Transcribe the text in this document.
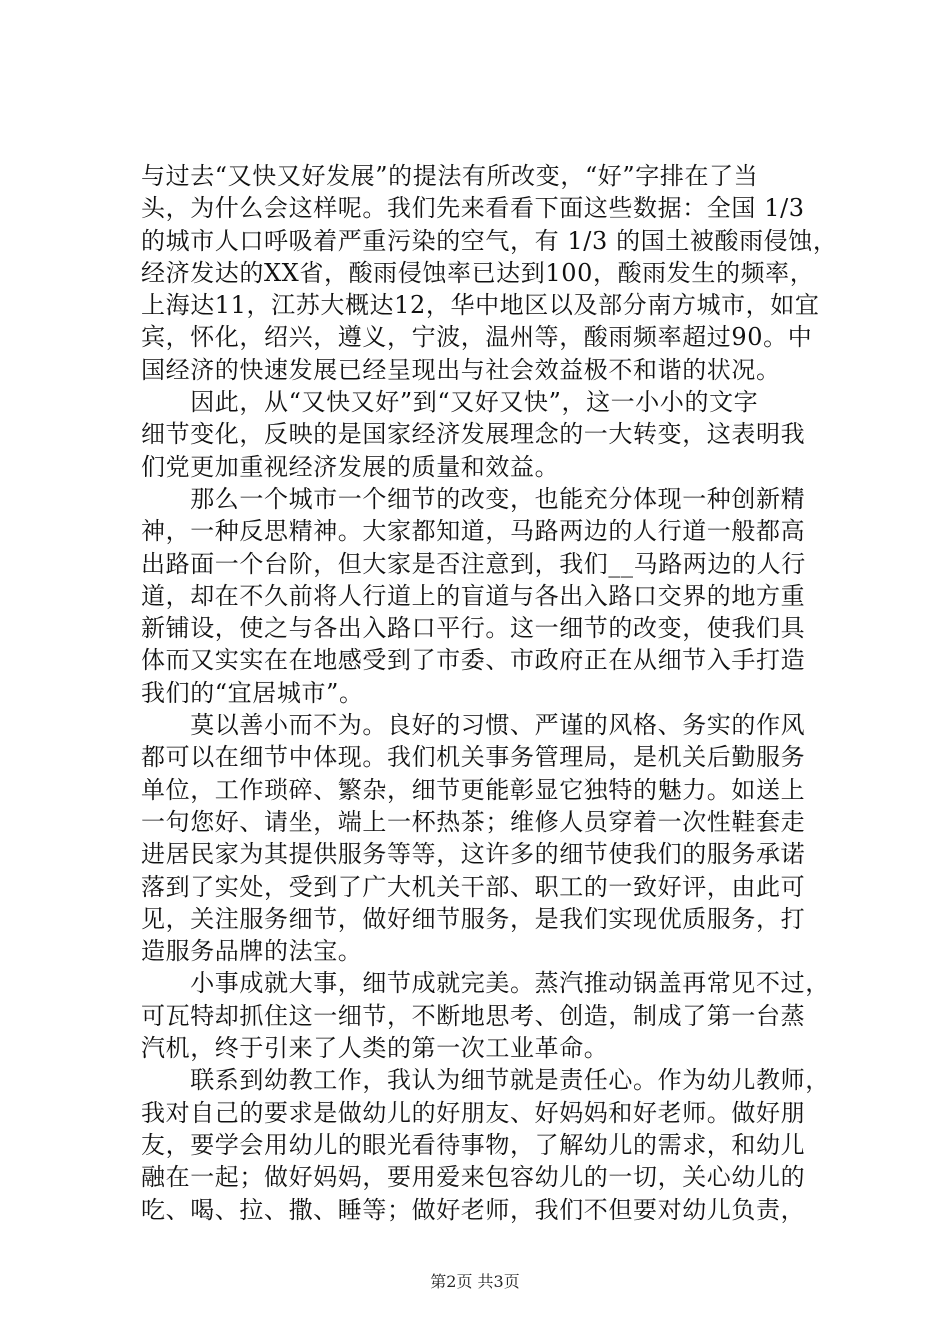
与过去“又快又好发展”的提法有所改变，“好”字排在了当
头，为什么会这样呢。我们先来看看下面这些数据：全国 1/3
的城市人口呼吸着严重污染的空气，有 1/3 的国土被酸雨侵蚀，
经济发达的XX省，酸雨侵蚀率已达到100，酸雨发生的频率，
上海达11，江苏大概达12，华中地区以及部分南方城市，如宜
宾，怀化，绍兴，遵义，宁波，温州等，酸雨频率超过90。中
国经济的快速发展已经呈现出与社会效益极不和谐的状况。
　　因此，从“又快又好”到“又好又快”，这一小小的文字
细节变化，反映的是国家经济发展理念的一大转变，这表明我
们党更加重视经济发展的质量和效益。
　　那么一个城市一个细节的改变，也能充分体现一种创新精
神，一种反思精神。大家都知道，马路两边的人行道一般都高
出路面一个台阶，但大家是否注意到，我们__马路两边的人行
道，却在不久前将人行道上的盲道与各出入路口交界的地方重
新铺设，使之与各出入路口平行。这一细节的改变，使我们具
体而又实实在在地感受到了市委、市政府正在从细节入手打造
我们的“宜居城市”。
　　莫以善小而不为。良好的习惯、严谨的风格、务实的作风
都可以在细节中体现。我们机关事务管理局，是机关后勤服务
单位，工作琐碎、繁杂，细节更能彰显它独特的魅力。如送上
一句您好、请坐，端上一杯热茶；维修人员穿着一次性鞋套走
进居民家为其提供服务等等，这许多的细节使我们的服务承诺
落到了实处，受到了广大机关干部、职工的一致好评，由此可
见，关注服务细节，做好细节服务，是我们实现优质服务，打
造服务品牌的法宝。
　　小事成就大事，细节成就完美。蒸汽推动锅盖再常见不过，
可瓦特却抓住这一细节，不断地思考、创造，制成了第一台蒸
汽机，终于引来了人类的第一次工业革命。
　　联系到幼教工作，我认为细节就是责任心。作为幼儿教师，
我对自己的要求是做幼儿的好朋友、好妈妈和好老师。做好朋
友，要学会用幼儿的眼光看待事物，了解幼儿的需求，和幼儿
融在一起；做好妈妈，要用爱来包容幼儿的一切，关心幼儿的
吃、喝、拉、撒、睡等；做好老师，我们不但要对幼儿负责，
第2页 共3页
